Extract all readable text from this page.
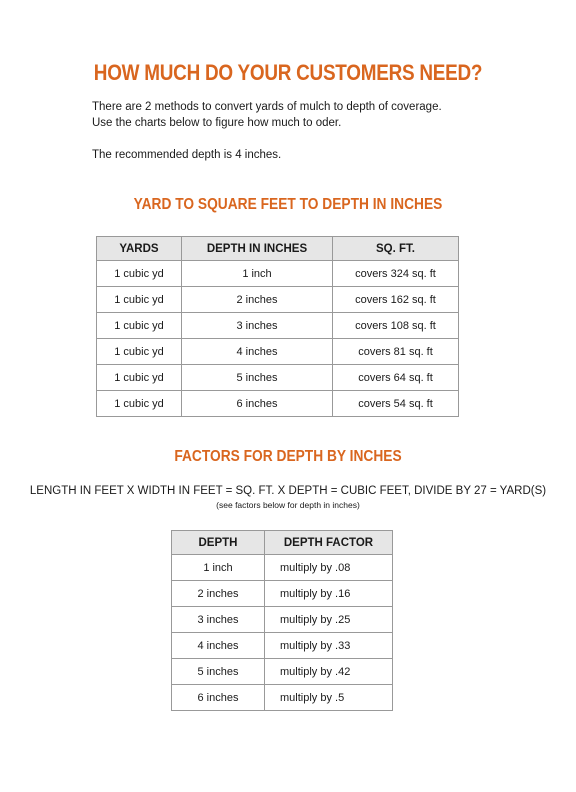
HOW MUCH DO YOUR CUSTOMERS NEED?

There are 2 methods to convert yards of mulch to depth of coverage.

Use the charts below to figure how much to oder.

The recommended depth is 4 inches.

YARD TO SQUARE FEET TO DEPTH IN INCHES
YARDS	DEPTH IN INCHES	SQ. FT.
1 cubic yd	1 inch	covers 324 sq. ft
1 cubic yd	2 inches	covers 162 sq. ft
1 cubic yd	3 inches	covers 108 sq. ft
1 cubic yd	4 inches	covers 81 sq. ft
1 cubic yd	5 inches	covers 64 sq. ft
1 cubic yd	6 inches	covers 54 sq. ft
FACTORS FOR DEPTH BY INCHES
LENGTH IN FEET X WIDTH IN FEET = SQ. FT. X DEPTH = CUBIC FEET, DIVIDE BY 27 = YARD(S)
(see factors below for depth in inches)
DEPTH	DEPTH FACTOR
1 inch	multiply by .08
2 inches	multiply by .16
3 inches	multiply by .25
4 inches	multiply by .33
5 inches	multiply by .42
6 inches	multiply by .5
